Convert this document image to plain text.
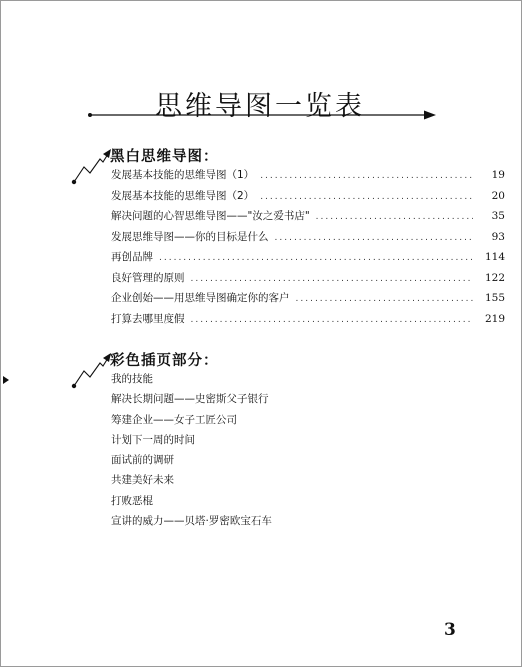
思维导图一览表
黑白思维导图：
发展基本技能的思维导图（1） .....	19
发展基本技能的思维导图（2） .....	20
解决问题的心智思维导图——"汝之爱书店" .....	35
发展思维导图——你的目标是什么 .....	93
再创品牌 .....	114
良好管理的原则 .....	122
企业创始——用思维导图确定你的客户 .....	155
打算去哪里度假 .....	219
彩色插页部分：
我的技能
解决长期问题——史密斯父子银行
筹建企业——女子工匠公司
计划下一周的时间
面试前的调研
共建美好未来
打败恶棍
宣讲的威力——贝塔·罗密欧宝石车
3
